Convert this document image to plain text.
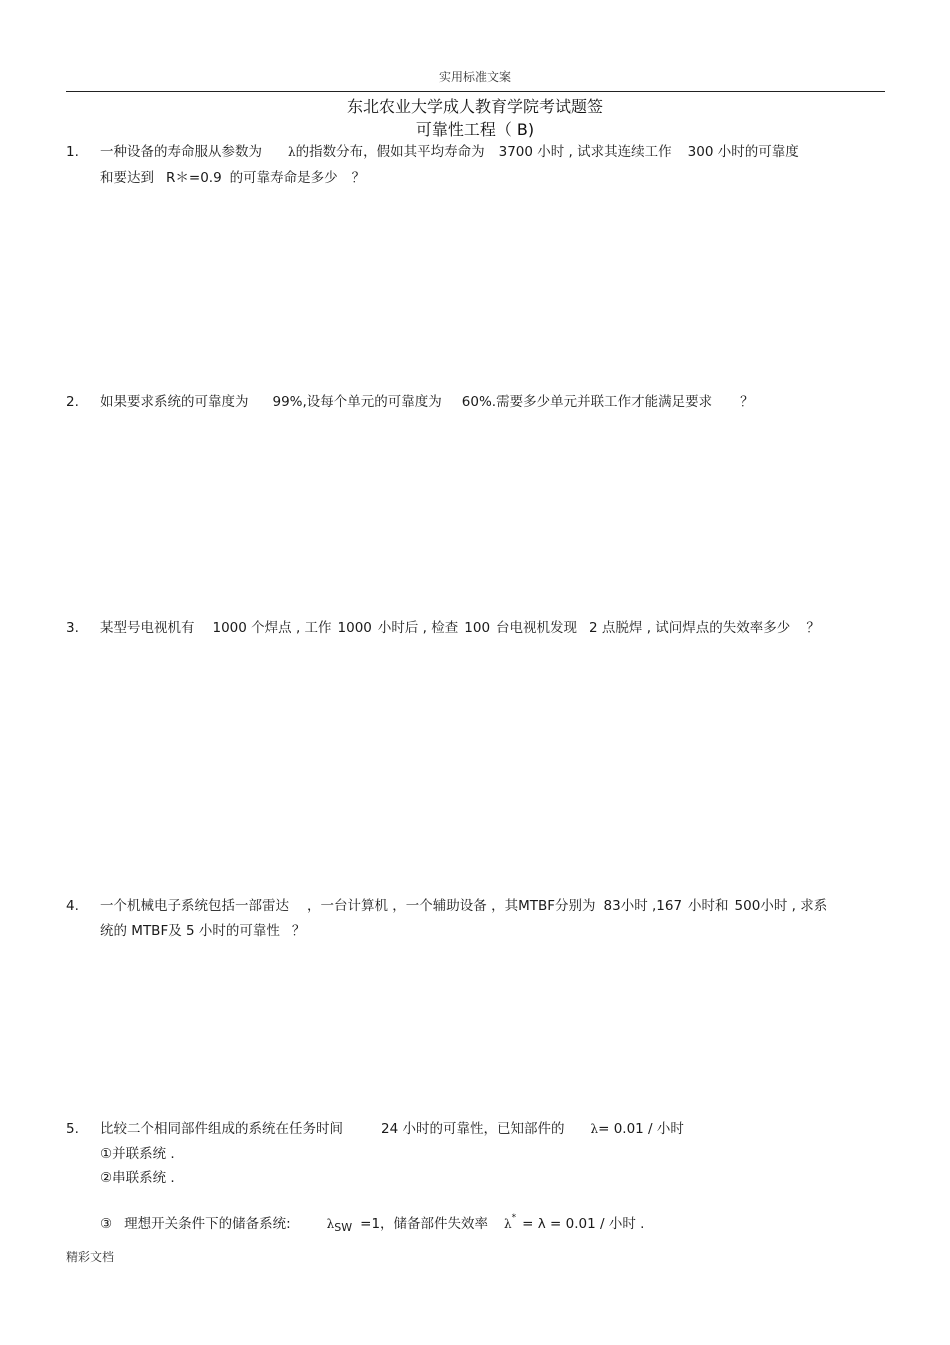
实用标准文案
东北农业大学成人教育学院考试题签
可靠性工程（ B)
1. 一种设备的寿命服从参数为 λ的指数分布，假如其平均寿命为 3700 小时 , 试求其连续工作 300 小时的可靠度
和要达到 R＊=0.9 的可靠寿命是多少 ？
2. 如果要求系统的可靠度为 99%,设每个单元的可靠度为 60%.需要多少单元并联工作才能满足要求 ？
3. 某型号电视机有 1000 个焊点 , 工作 1000 小时后 , 检查 100 台电视机发现 2 点脱焊 , 试问焊点的失效率多少 ？
4. 一个机械电子系统包括一部雷达 ，一台计算机 ，一个辅助设备 ，其MTBF分别为 83小时 ,167 小时和 500小时 , 求系
统的 MTBF及 5 小时的可靠性 ？
5. 比较二个相同部件组成的系统在任务时间	24 小时的可靠性，已知部件的 λ= 0.01 / 小时
①并联系统 .
②串联系统 .
③ 理想开关条件下的储备系统:	$\lambda_{SW} =1$，储备部件失效率 λ* = λ = 0.01 / 小时 .
精彩文档
